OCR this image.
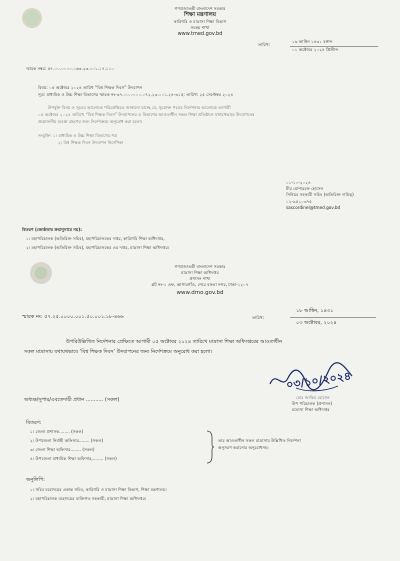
গণপ্রজাতন্ত্রী বাংলাদেশ সরকার
শিক্ষা মন্ত্রণালয়
কারিগরি ও মাদ্রাসা শিক্ষা বিভাগ
সমন্বয় শাখা
www.tmed.gov.bd
তারিখ:
১৬ আশ্বিন ১৪৩১ বঙ্গাব্দ
০১ অক্টোবর ২০২৪ খ্রিস্টাব্দ
স্মারক নম্বর: ৫৭.০০.০০০০.০৬৩.২৩.০০১.১৭.১১০
বিষয়: ০৫ অক্টোবর ২০২৪ তারিখ “বিশ্ব শিক্ষক দিবস” উদযাপন
সূত্র: মাধ্যমিক ও উচ্চ শিক্ষা বিভাগের স্মারক নং-৩৭.০০.০০০০.০৭২.২৩.০০১.২৪-৩১৫; তারিখ: ২৫ সেপ্টেম্বর ২০২৪
উপর্যুক্ত বিষয় ও সূত্রের আলোকে পরিপ্রেক্ষিতে জানানো যাচ্ছে যে, সূত্রোক্ত পত্রের নির্দেশনার আলোকে আগামী
০৫ অক্টোবর ২০২৪ তারিখে “বিশ্ব শিক্ষক দিবস” উদযাপনের এ বিভাগের আওতাধীন সকল শিক্ষা প্রতিষ্ঠানে যথাযথভাবে উদযাপনের
প্রয়োজনীয় ব্যবস্থা গ্রহণের জন্য নির্দেশক্রমে অনুরোধ করা হলো।
সংযুক্তি: ১। মাধ্যমিক ও উচ্চ শিক্ষা বিভাগের পত্র
২। বিশ্ব শিক্ষক দিবস উদযাপন নির্দেশিকা
০১-১০-২০২৪
মীর মোশাররফ হোসেন
সিনিয়র সহকারী সচিব (অতিরিক্ত দায়িত্ব)
০২-৯৫১০৩৭৫
sascordinel@tmed.gov.bd
বিতরণ (জ্যেষ্ঠতার ক্রমানুসারে নয়):
১। মহাপরিচালক (অতিরিক্ত সচিব), মহাপরিচালকের দপ্তর, কারিগরি শিক্ষা অধিদপ্তর,
২। মহাপরিচালক (অতিরিক্ত সচিব), মহাপরিচালকের এর দপ্তর, মাদ্রাসা শিক্ষা অধিদপ্তর।
গণপ্রজাতন্ত্রী বাংলাদেশ সরকার
মাদ্রাসা শিক্ষা অধিদপ্তর
প্রশাসন শাখা
প্লট নং-১ এফ, আগারগাঁও, শেরে বাংলা নগর, ঢাকা-১২০৭
www.dmo.gov.bd
তারিখ:
১৮ আশ্বিন, ১৪৩১
০৩ অক্টোবর, ২০২৪
স্মারক নং: ৫৭.২৫.০০০০.০০১.৫০.০০১.১৮-৪৬৬
উপরিউল্লিখিত নির্দেশনার প্রেক্ষিতে আগামী ০৫ অক্টোবর ২০২৪ তারিখে মাদ্রাসা শিক্ষা অধিদপ্তরের আওতাধীন
সকল মাদ্রাসায় যথাযথভাবে ‘বিশ্ব শিক্ষক দিবস’ উদযাপনের জন্য নির্দেশক্রমে অনুরোধ করা হলো।
০৩/১০/২০২৪
মোঃ জাকির হোসেন
উপ পরিচালক (প্রশাসন)
মাদ্রাসা শিক্ষা অধিদপ্তর
অধ্যক্ষ/সুপার/এবতেদায়ী প্রধান ........... (সকল)
বিতরণ:
১। জেলা প্রশাসক........ (সকল)
২। উপজেলা নির্বাহী অফিসার........ (সকল)
৩। জেলা শিক্ষা অফিসার........ (সকল)
৪। উপজেলা মাধ্যমিক শিক্ষা অফিসার,........ (সকল)
তার আওতাধীন সকল মাদ্রাসায় উল্লিখিত নির্দেশনা
অনুসরণ করানোর অনুরোধসহ।
অনুলিপি:
১। সচিব মহোদয়ের একান্ত সচিব, কারিগরি ও মাদ্রাসা শিক্ষা বিভাগ, শিক্ষা মন্ত্রণালয়।
২। মহাপরিচালক মহোদয়ের ব্যক্তিগত সহকারী, মাদ্রাসা শিক্ষা অধিদপ্তর।
